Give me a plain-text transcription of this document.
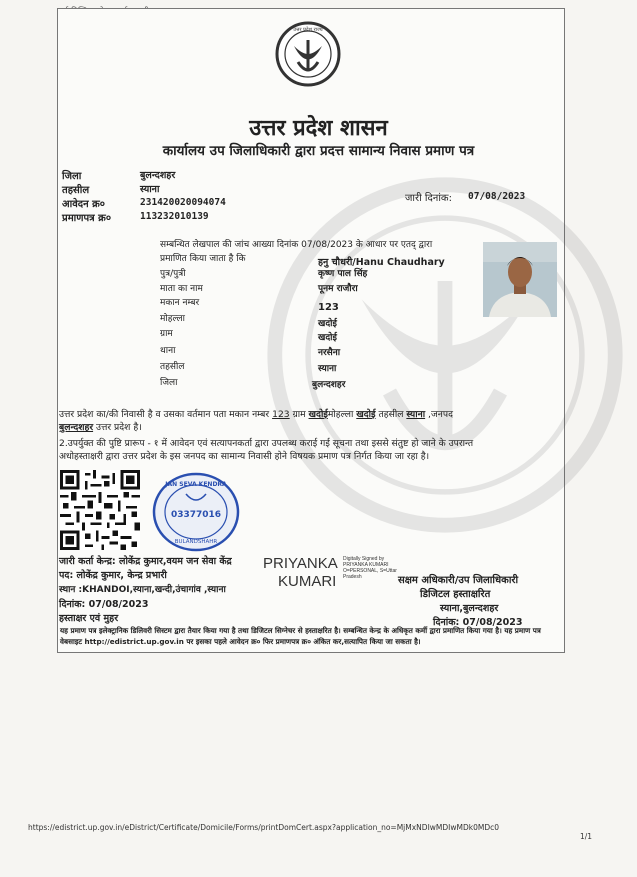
उत्तर प्रदेश राज्य
उत्तर प्रदेश शासन
कार्यालय उप जिलाधिकारी द्वारा प्रदत्त सामान्य निवास प्रमाण पत्र
जिला	बुलन्दशहर
तहसील	स्याना
आवेदन क्र०	231420020094074
प्रमाणपत्र क्र०	113232010139
जारी दिनांक: 07/08/2023
सम्बन्धित लेखपाल की जांच आख्या दिनांक 07/08/2023 के आधार पर एतद् द्वारा
प्रमाणित किया जाता है कि	हनु चौधरी/Hanu Chaudhary
पुत्र/पुत्री	कृष्ण पाल सिंह
माता का नाम	पूनम राजौरा
मकान नम्बर	123
मोहल्ला	खदोई
ग्राम	खदोई
थाना	नरसैना
तहसील	स्याना
जिला	बुलन्दशहर
उत्तर प्रदेश का/की निवासी है व उसका वर्तमान पता मकान नम्बर 123 ग्राम खदोईमोहल्ला खदोई तहसील स्याना ,जनपद
बुलन्दशहर उत्तर प्रदेश है।
2.उपर्युक्त की पुष्टि प्रारूप - १ में आवेदन एवं सत्यापनकर्ता द्वारा उपलब्ध कराई गई सूचना तथा इससे संतुष्ट हो जाने के उपरान्त
अधोहस्ताक्षरी द्वारा उत्तर प्रदेश के इस जनपद का सामान्य निवासी होने विषयक प्रमाण पत्र निर्गत किया जा रहा है।
JAN SEVA KENDRA
03377016
BULANDSHAHR
जारी कर्ता केन्द्र: लोकेंद्र कुमार,वयम जन सेवा केंद्र
पद: लोकेंद्र कुमार, केन्द्र प्रभारी
स्थान :KHANDOI,स्याना,खन्दी,उंचागांव ,स्याना
दिनांक: 07/08/2023
हस्ताक्षर एवं मुहर
PRIYANKA
KUMARI
Digitally Signed by
PRIYANKA KUMARI
O=PERSONAL, S=Uttar
Pradesh	सक्षम अधिकारी/उप जिलाधिकारी
डिजिटल हस्ताक्षरित
स्याना,बुलन्दशहर
दिनांक: 07/08/2023
यह प्रमाण पत्र इलेक्ट्रानिक डिलिवरी सिस्टम द्वारा तैयार किया गया है तथा डिजिटल सिग्नेचर से हस्ताक्षरित है। सम्बन्धित केन्द्र के अधिकृत कर्मी द्वारा प्रमाणित किया गया है। यह प्रमाण पत्र वेबसाइट http://edistrict.up.gov.in पर इसका पहले आवेदन क्र० फिर प्रमाणपत्र क्र० अंकित कर,सत्यापित किया जा सकता है।
https://edistrict.up.gov.in/eDistrict/Certificate/Domicile/Forms/printDomCert.aspx?application_no=MjMxNDIwMDIwMDk0MDc0
1/1
